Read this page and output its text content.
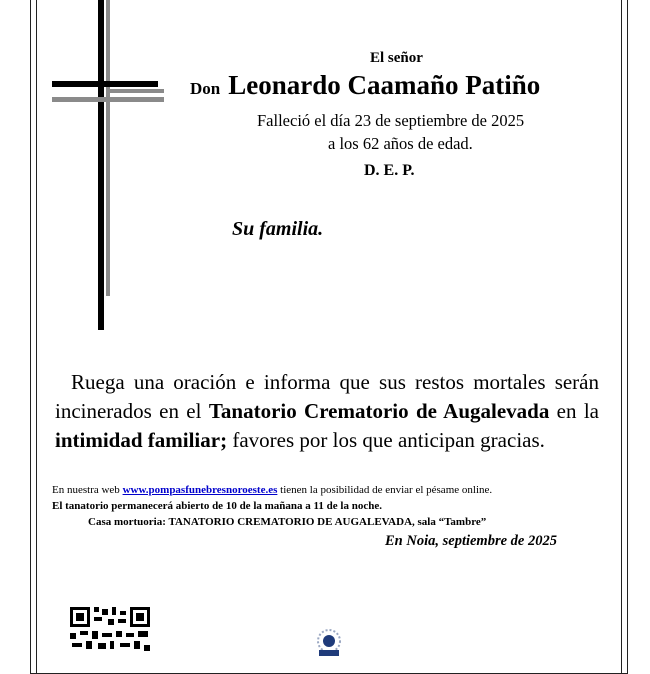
El señor
Don Leonardo Caamaño Patiño
Falleció el día 23 de septiembre de 2025
a los 62 años de edad.
D. E. P.
Su familia.
Ruega una oración e informa que sus restos mortales serán incinerados en el Tanatorio Crematorio de Augalevada en la intimidad familiar; favores por los que anticipan gracias.
En nuestra web www.pompasfunebresnoroeste.es tienen la posibilidad de enviar el pésame online.
El tanatorio permanecerá abierto de 10 de la mañana a 11 de la noche.
Casa mortuoria: TANATORIO CREMATORIO DE AUGALEVADA, sala “Tambre”
En Noia, septiembre de 2025
